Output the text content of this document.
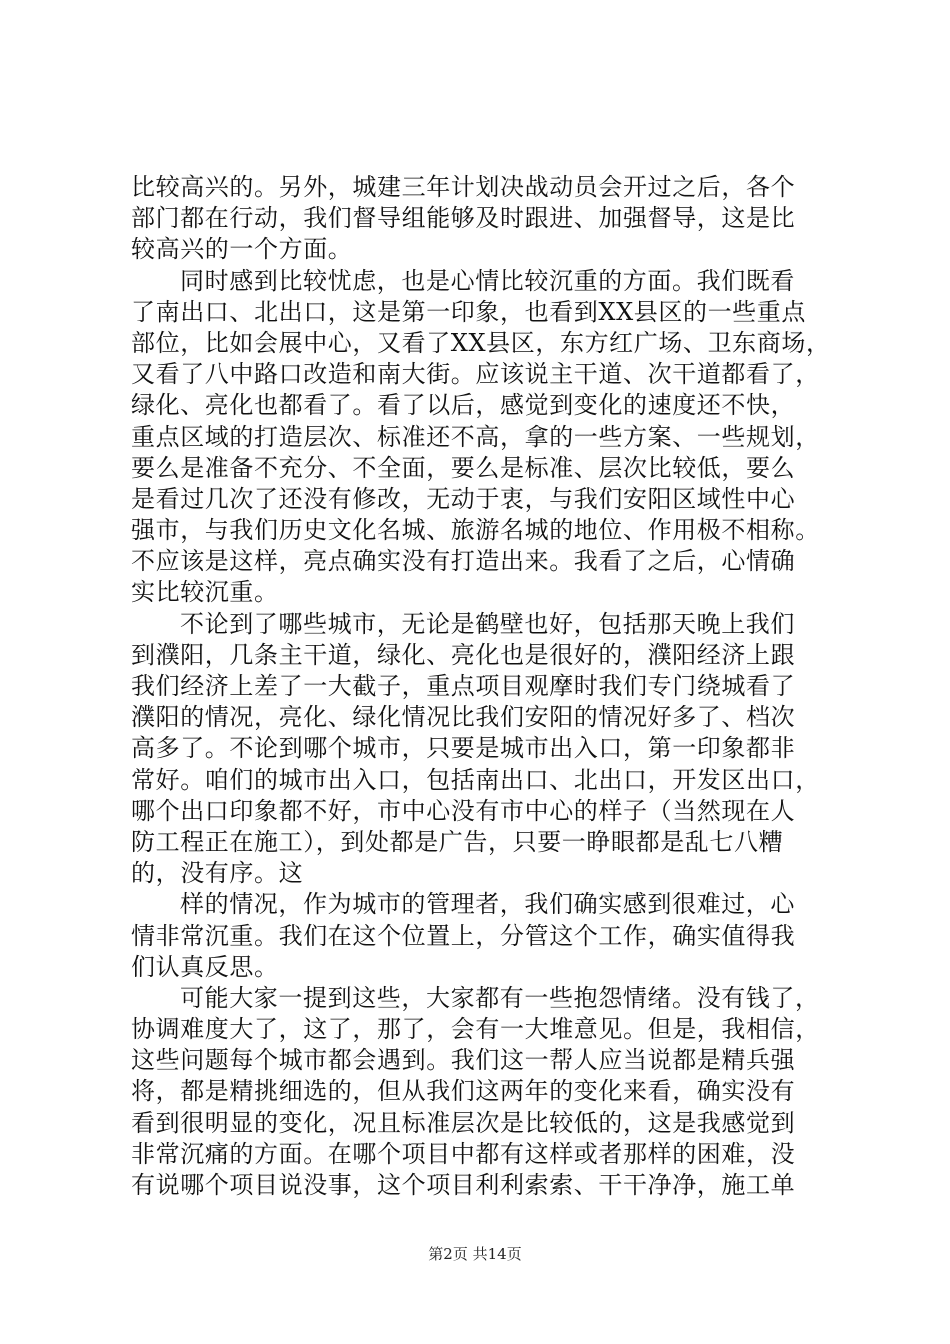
比较高兴的。另外，城建三年计划决战动员会开过之后，各个
部门都在行动，我们督导组能够及时跟进、加强督导，这是比
较高兴的一个方面。
同时感到比较忧虑，也是心情比较沉重的方面。我们既看
了南出口、北出口，这是第一印象，也看到XX县区的一些重点
部位，比如会展中心，又看了XX县区，东方红广场、卫东商场，
又看了八中路口改造和南大街。应该说主干道、次干道都看了，
绿化、亮化也都看了。看了以后，感觉到变化的速度还不快，
重点区域的打造层次、标准还不高，拿的一些方案、一些规划，
要么是准备不充分、不全面，要么是标准、层次比较低，要么
是看过几次了还没有修改，无动于衷，与我们安阳区域性中心
强市，与我们历史文化名城、旅游名城的地位、作用极不相称。
不应该是这样，亮点确实没有打造出来。我看了之后，心情确
实比较沉重。
不论到了哪些城市，无论是鹤壁也好，包括那天晚上我们
到濮阳，几条主干道，绿化、亮化也是很好的，濮阳经济上跟
我们经济上差了一大截子，重点项目观摩时我们专门绕城看了
濮阳的情况，亮化、绿化情况比我们安阳的情况好多了、档次
高多了。不论到哪个城市，只要是城市出入口，第一印象都非
常好。咱们的城市出入口，包括南出口、北出口，开发区出口，
哪个出口印象都不好，市中心没有市中心的样子（当然现在人
防工程正在施工），到处都是广告，只要一睁眼都是乱七八糟
的，没有序。这
样的情况，作为城市的管理者，我们确实感到很难过，心
情非常沉重。我们在这个位置上，分管这个工作，确实值得我
们认真反思。
可能大家一提到这些，大家都有一些抱怨情绪。没有钱了，
协调难度大了，这了，那了，会有一大堆意见。但是，我相信，
这些问题每个城市都会遇到。我们这一帮人应当说都是精兵强
将，都是精挑细选的，但从我们这两年的变化来看，确实没有
看到很明显的变化，况且标准层次是比较低的，这是我感觉到
非常沉痛的方面。在哪个项目中都有这样或者那样的困难，没
有说哪个项目说没事，这个项目利利索索、干干净净，施工单
第2页 共14页
